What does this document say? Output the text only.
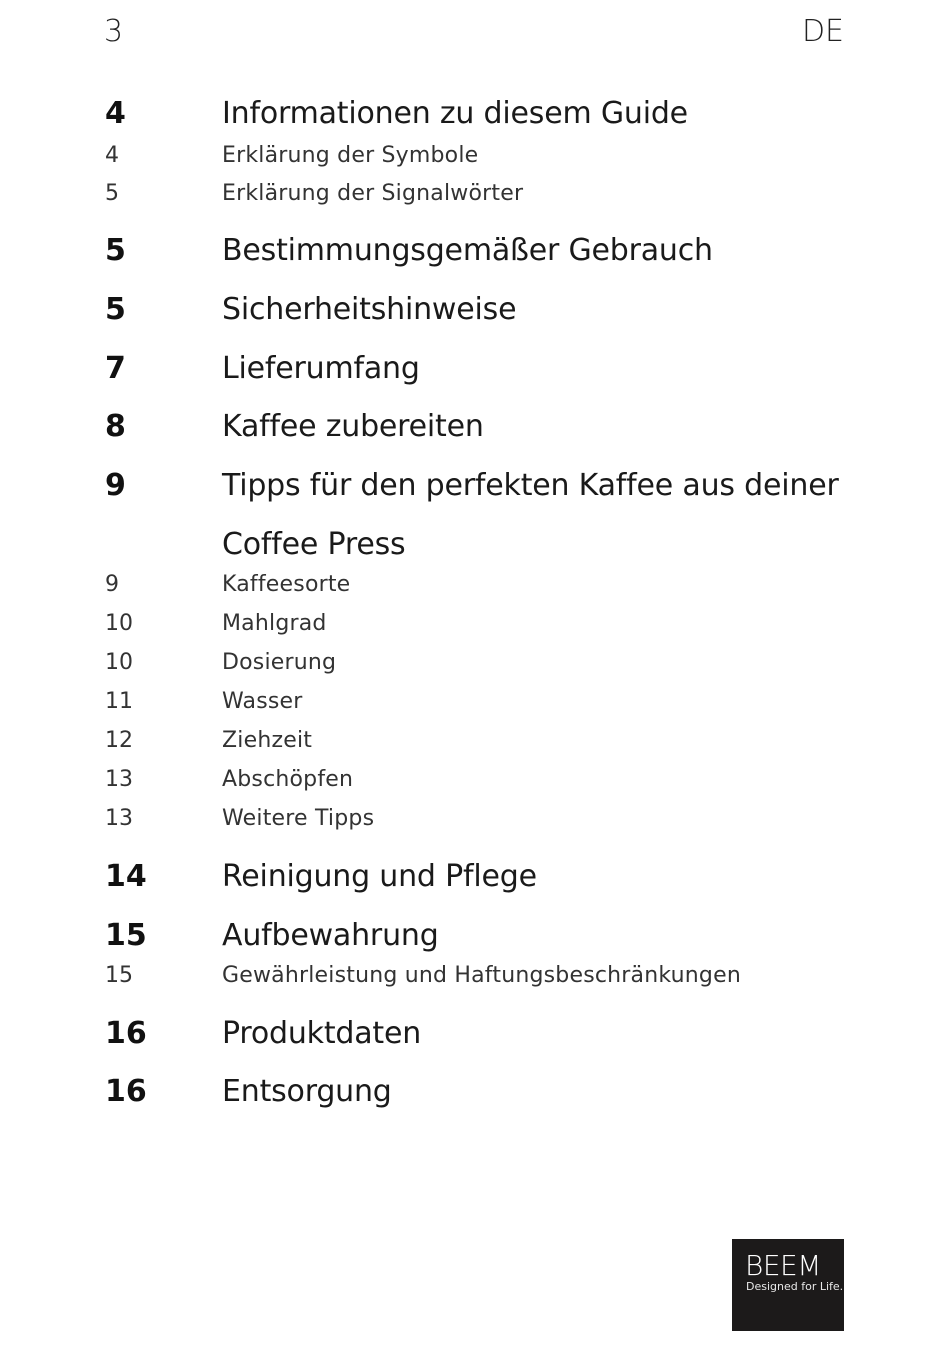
3	DE
4	Informationen zu diesem Guide
4	Erklärung der Symbole
5	Erklärung der Signalwörter
5	Bestimmungsgemäßer Gebrauch
5	Sicherheitshinweise
7	Lieferumfang
8	Kaffee zubereiten
9	Tipps für den perfekten Kaffee aus deiner
Coffee Press
9	Kaffeesorte
10	Mahlgrad
10	Dosierung
11	Wasser
12	Ziehzeit
13	Abschöpfen
13	Weitere Tipps
14	Reinigung und Pflege
15	Aufbewahrung
15	Gewährleistung und Haftungsbeschränkungen
16	Produktdaten
16	Entsorgung
BEEM
Designed for Life.
